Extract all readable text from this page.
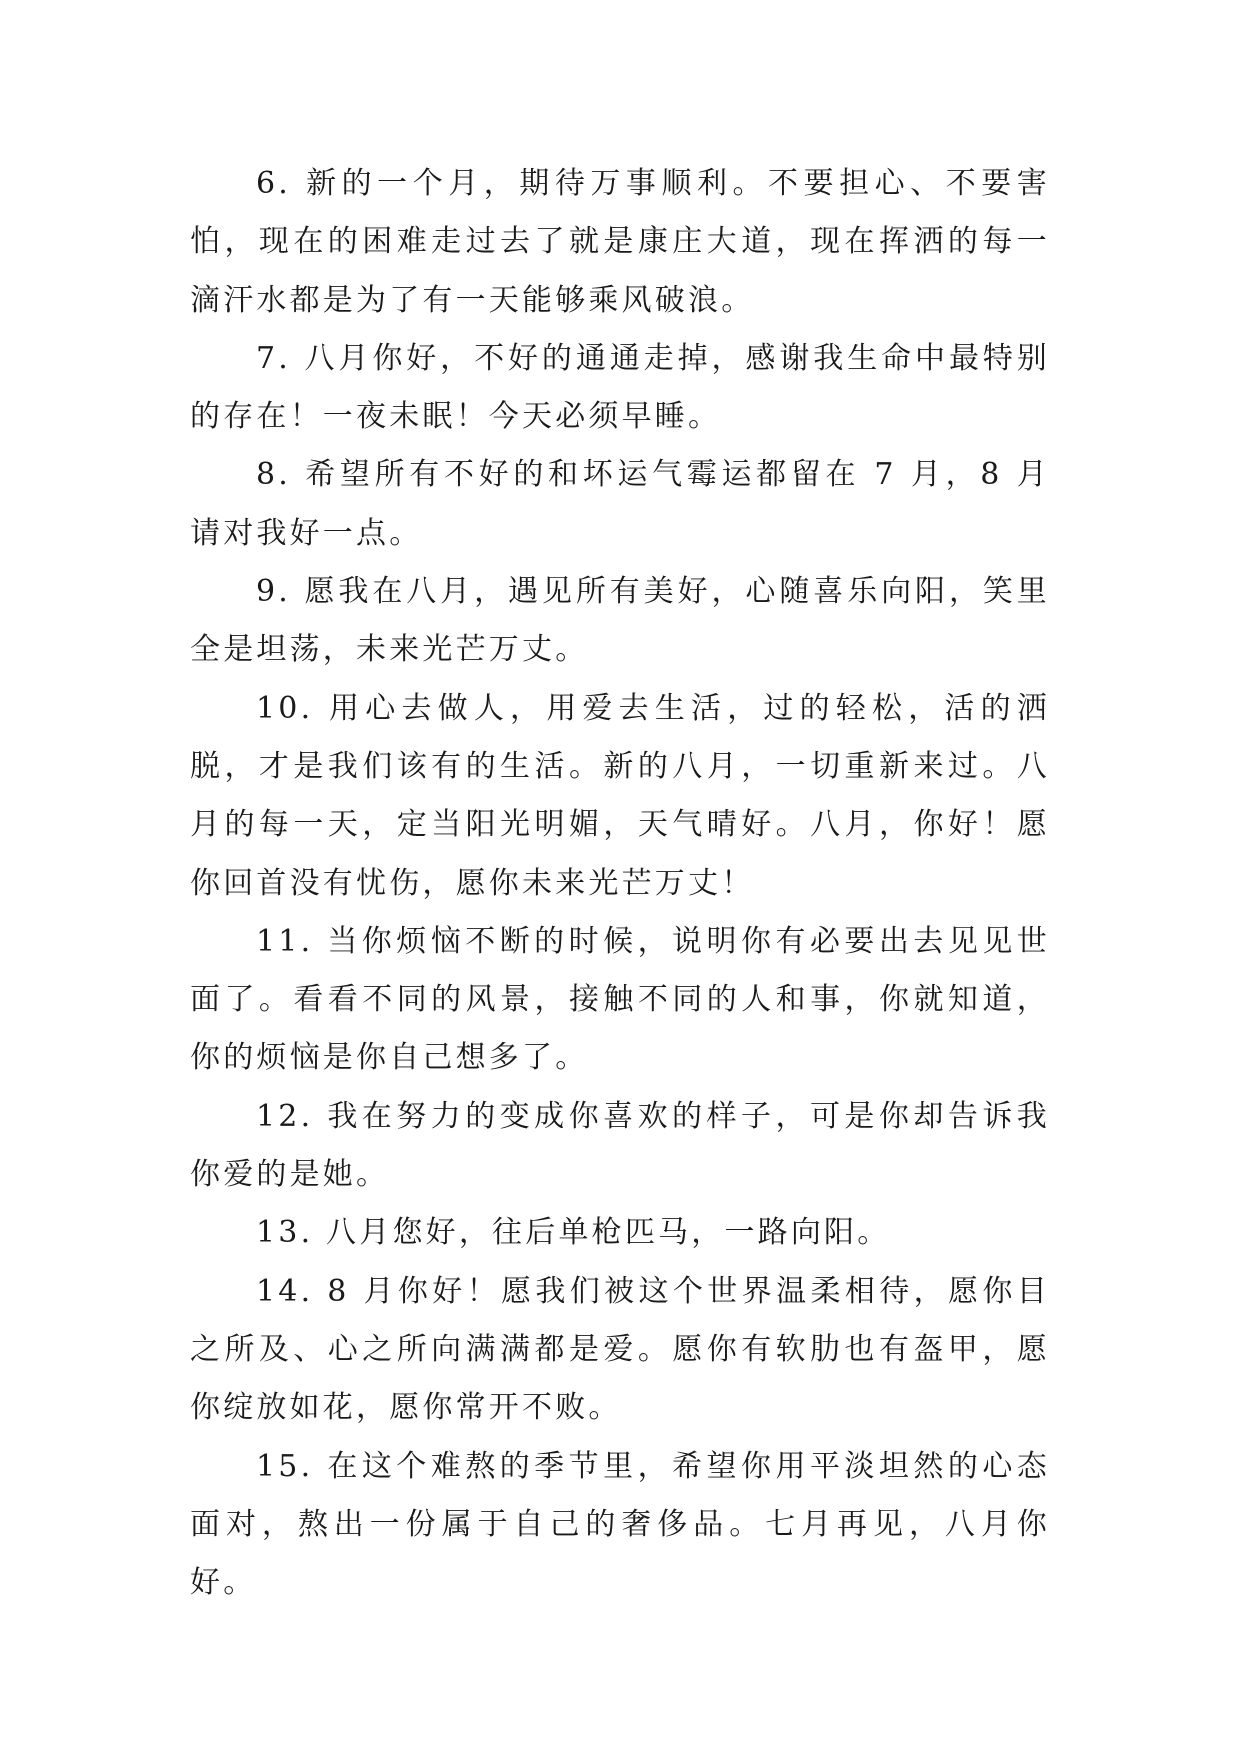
6. 新的一个月，期待万事顺利。不要担心、不要害怕，现在的困难走过去了就是康庄大道，现在挥洒的每一滴汗水都是为了有一天能够乘风破浪。

7. 八月你好，不好的通通走掉，感谢我生命中最特别的存在！一夜未眠！今天必须早睡。

8. 希望所有不好的和坏运气霉运都留在 7 月，8 月请对我好一点。

9. 愿我在八月，遇见所有美好，心随喜乐向阳，笑里全是坦荡，未来光芒万丈。

10. 用心去做人，用爱去生活，过的轻松，活的洒脱，才是我们该有的生活。新的八月，一切重新来过。八月的每一天，定当阳光明媚，天气晴好。八月，你好！愿你回首没有忧伤，愿你未来光芒万丈！

11. 当你烦恼不断的时候，说明你有必要出去见见世面了。看看不同的风景，接触不同的人和事，你就知道，你的烦恼是你自己想多了。

12. 我在努力的变成你喜欢的样子，可是你却告诉我你爱的是她。

13. 八月您好，往后单枪匹马，一路向阳。

14. 8 月你好！愿我们被这个世界温柔相待，愿你目之所及、心之所向满满都是爱。愿你有软肋也有盔甲，愿你绽放如花，愿你常开不败。

15. 在这个难熬的季节里，希望你用平淡坦然的心态面对，熬出一份属于自己的奢侈品。七月再见，八月你好。
